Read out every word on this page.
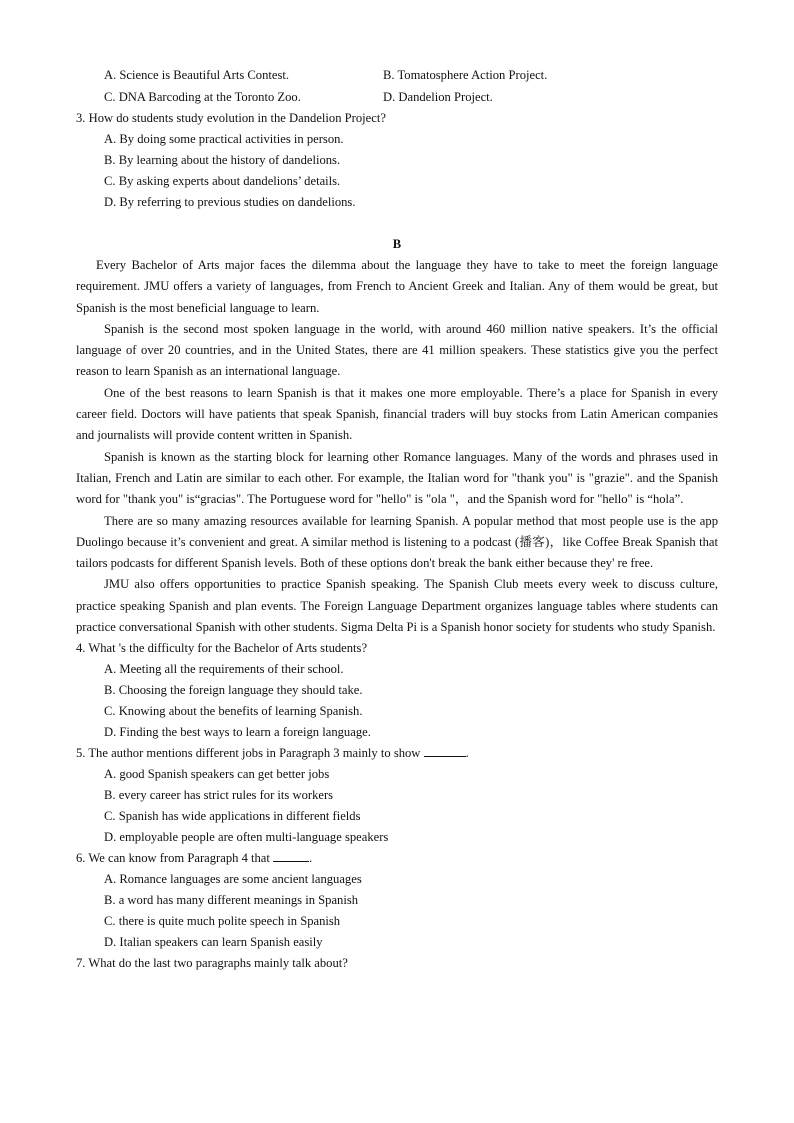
A. Science is Beautiful Arts Contest.	B. Tomatosphere Action Project.
C. DNA Barcoding at the Toronto Zoo.	D. Dandelion Project.
3. How do students study evolution in the Dandelion Project?
A. By doing some practical activities in person.
B. By learning about the history of dandelions.
C. By asking experts about dandelions’ details.
D. By referring to previous studies on dandelions.
B

Every Bachelor of Arts major faces the dilemma about the language they have to take to meet the foreign language requirement. JMU offers a variety of languages, from French to Ancient Greek and Italian. Any of them would be great, but Spanish is the most beneficial language to learn.

Spanish is the second most spoken language in the world, with around 460 million native speakers. It’s the official language of over 20 countries, and in the United States, there are 41 million speakers. These statistics give you the perfect reason to learn Spanish as an international language.

One of the best reasons to learn Spanish is that it makes one more employable. There’s a place for Spanish in every career field. Doctors will have patients that speak Spanish, financial traders will buy stocks from Latin American companies and journalists will provide content written in Spanish.

Spanish is known as the starting block for learning other Romance languages. Many of the words and phrases used in Italian, French and Latin are similar to each other. For example, the Italian word for "thank you" is "grazie". and the Spanish word for "thank you" is“gracias". The Portuguese word for "hello" is "ola "，and the Spanish word for "hello" is “hola”.

There are so many amazing resources available for learning Spanish. A popular method that most people use is the app Duolingo because it’s convenient and great. A similar method is listening to a podcast (播客)，like Coffee Break Spanish that tailors podcasts for different Spanish levels. Both of these options don't break the bank either because they' re free.

JMU also offers opportunities to practice Spanish speaking. The Spanish Club meets every week to discuss culture, practice speaking Spanish and plan events. The Foreign Language Department organizes language tables where students can practice conversational Spanish with other students. Sigma Delta Pi is a Spanish honor society for students who study Spanish.

4. What 's the difficulty for the Bachelor of Arts students?
A. Meeting all the requirements of their school.
B. Choosing the foreign language they should take.
C. Knowing about the benefits of learning Spanish.
D. Finding the best ways to learn a foreign language.
5. The author mentions different jobs in Paragraph 3 mainly to show	.
A. good Spanish speakers can get better jobs
B. every career has strict rules for its workers
C. Spanish has wide applications in different fields
D. employable people are often multi-language speakers
6. We can know from Paragraph 4 that	.
A. Romance languages are some ancient languages
B. a word has many different meanings in Spanish
C. there is quite much polite speech in Spanish
D. Italian speakers can learn Spanish easily
7. What do the last two paragraphs mainly talk about?
